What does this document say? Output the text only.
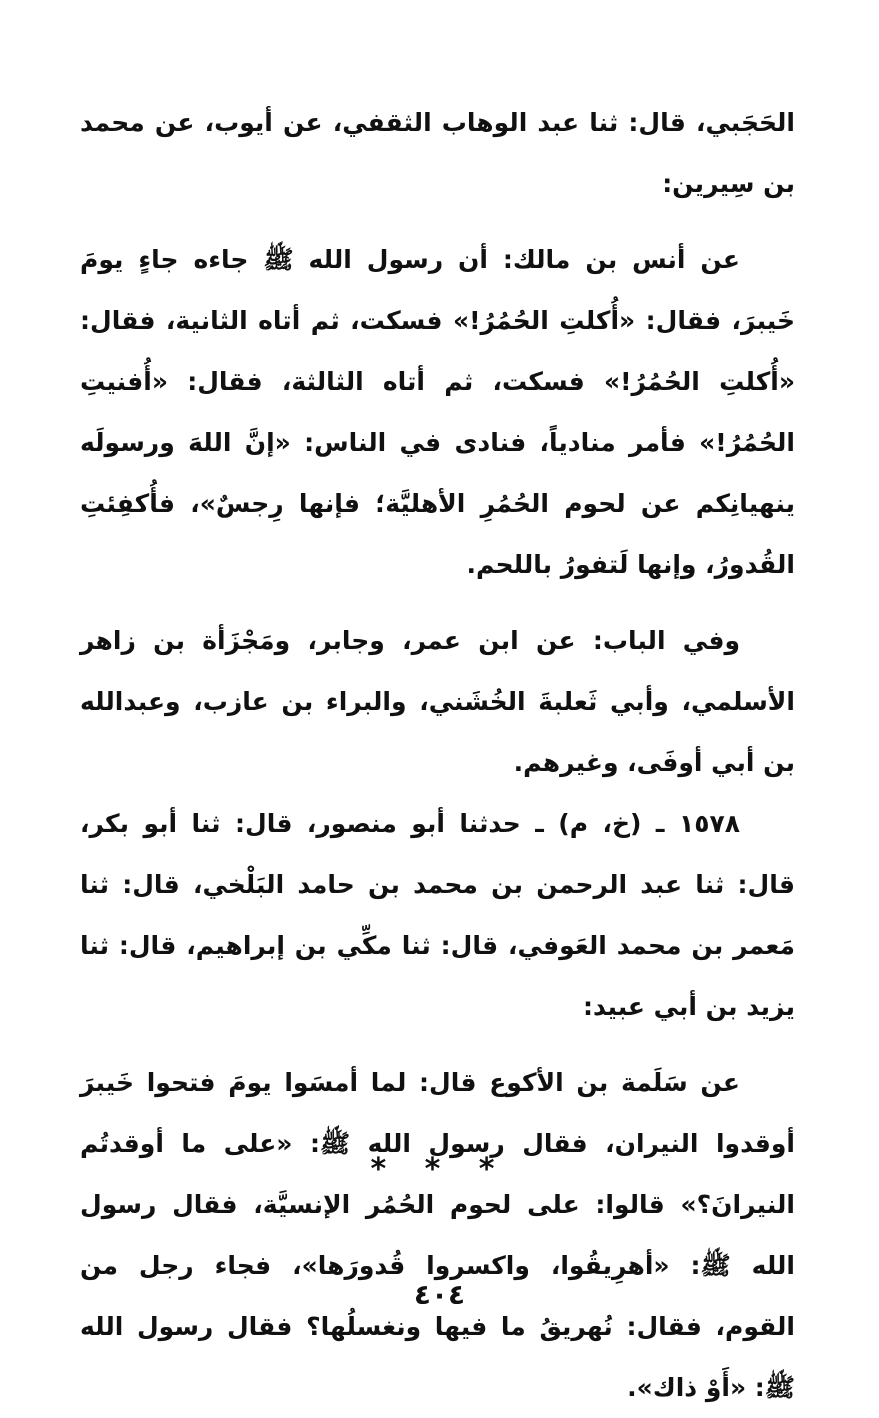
الحَجَبي، قال: ثنا عبد الوهاب الثقفي، عن أيوب، عن محمد بن سِيرين:

عن أنس بن مالك: أن رسول الله ﷺ جاءه جاءٍ يومَ خَيبرَ، فقال: «أُكلتِ الحُمُرُ!» فسكت، ثم أتاه الثانية، فقال: «أُكلتِ الحُمُرُ!» فسكت، ثم أتاه الثالثة، فقال: «أُفنيتِ الحُمُرُ!» فأمر منادياً، فنادى في الناس: «إنَّ اللهَ ورسولَه ينهيانِكم عن لحوم الحُمُرِ الأهليَّة؛ فإنها رِجسٌ»، فأُكفِئتِ القُدورُ، وإنها لَتفورُ باللحم.

وفي الباب: عن ابن عمر، وجابر، ومَجْزَأة بن زاهر الأسلمي، وأبي ثَعلبةَ الخُشَني، والبراء بن عازب، وعبدالله بن أبي أوفَى، وغيرهم.

١٥٧٨ ـ (خ، م) ـ حدثنا أبو منصور، قال: ثنا أبو بكر، قال: ثنا عبد الرحمن بن محمد بن حامد البَلْخي، قال: ثنا مَعمر بن محمد العَوفي، قال: ثنا مكِّي بن إبراهيم، قال: ثنا يزيد بن أبي عبيد:

عن سَلَمة بن الأكوع قال: لما أمسَوا يومَ فتحوا خَيبرَ أوقدوا النيران، فقال رسول الله ﷺ: «على ما أوقدتُم النيرانَ؟» قالوا: على لحوم الحُمُر الإنسيَّة، فقال رسول الله ﷺ: «أهرِيقُوا، واكسروا قُدورَها»، فجاء رجل من القوم، فقال: نُهريقُ ما فيها ونغسلُها؟ فقال رسول الله ﷺ: «أَوْ ذاك».

* * *
٤٠٤
